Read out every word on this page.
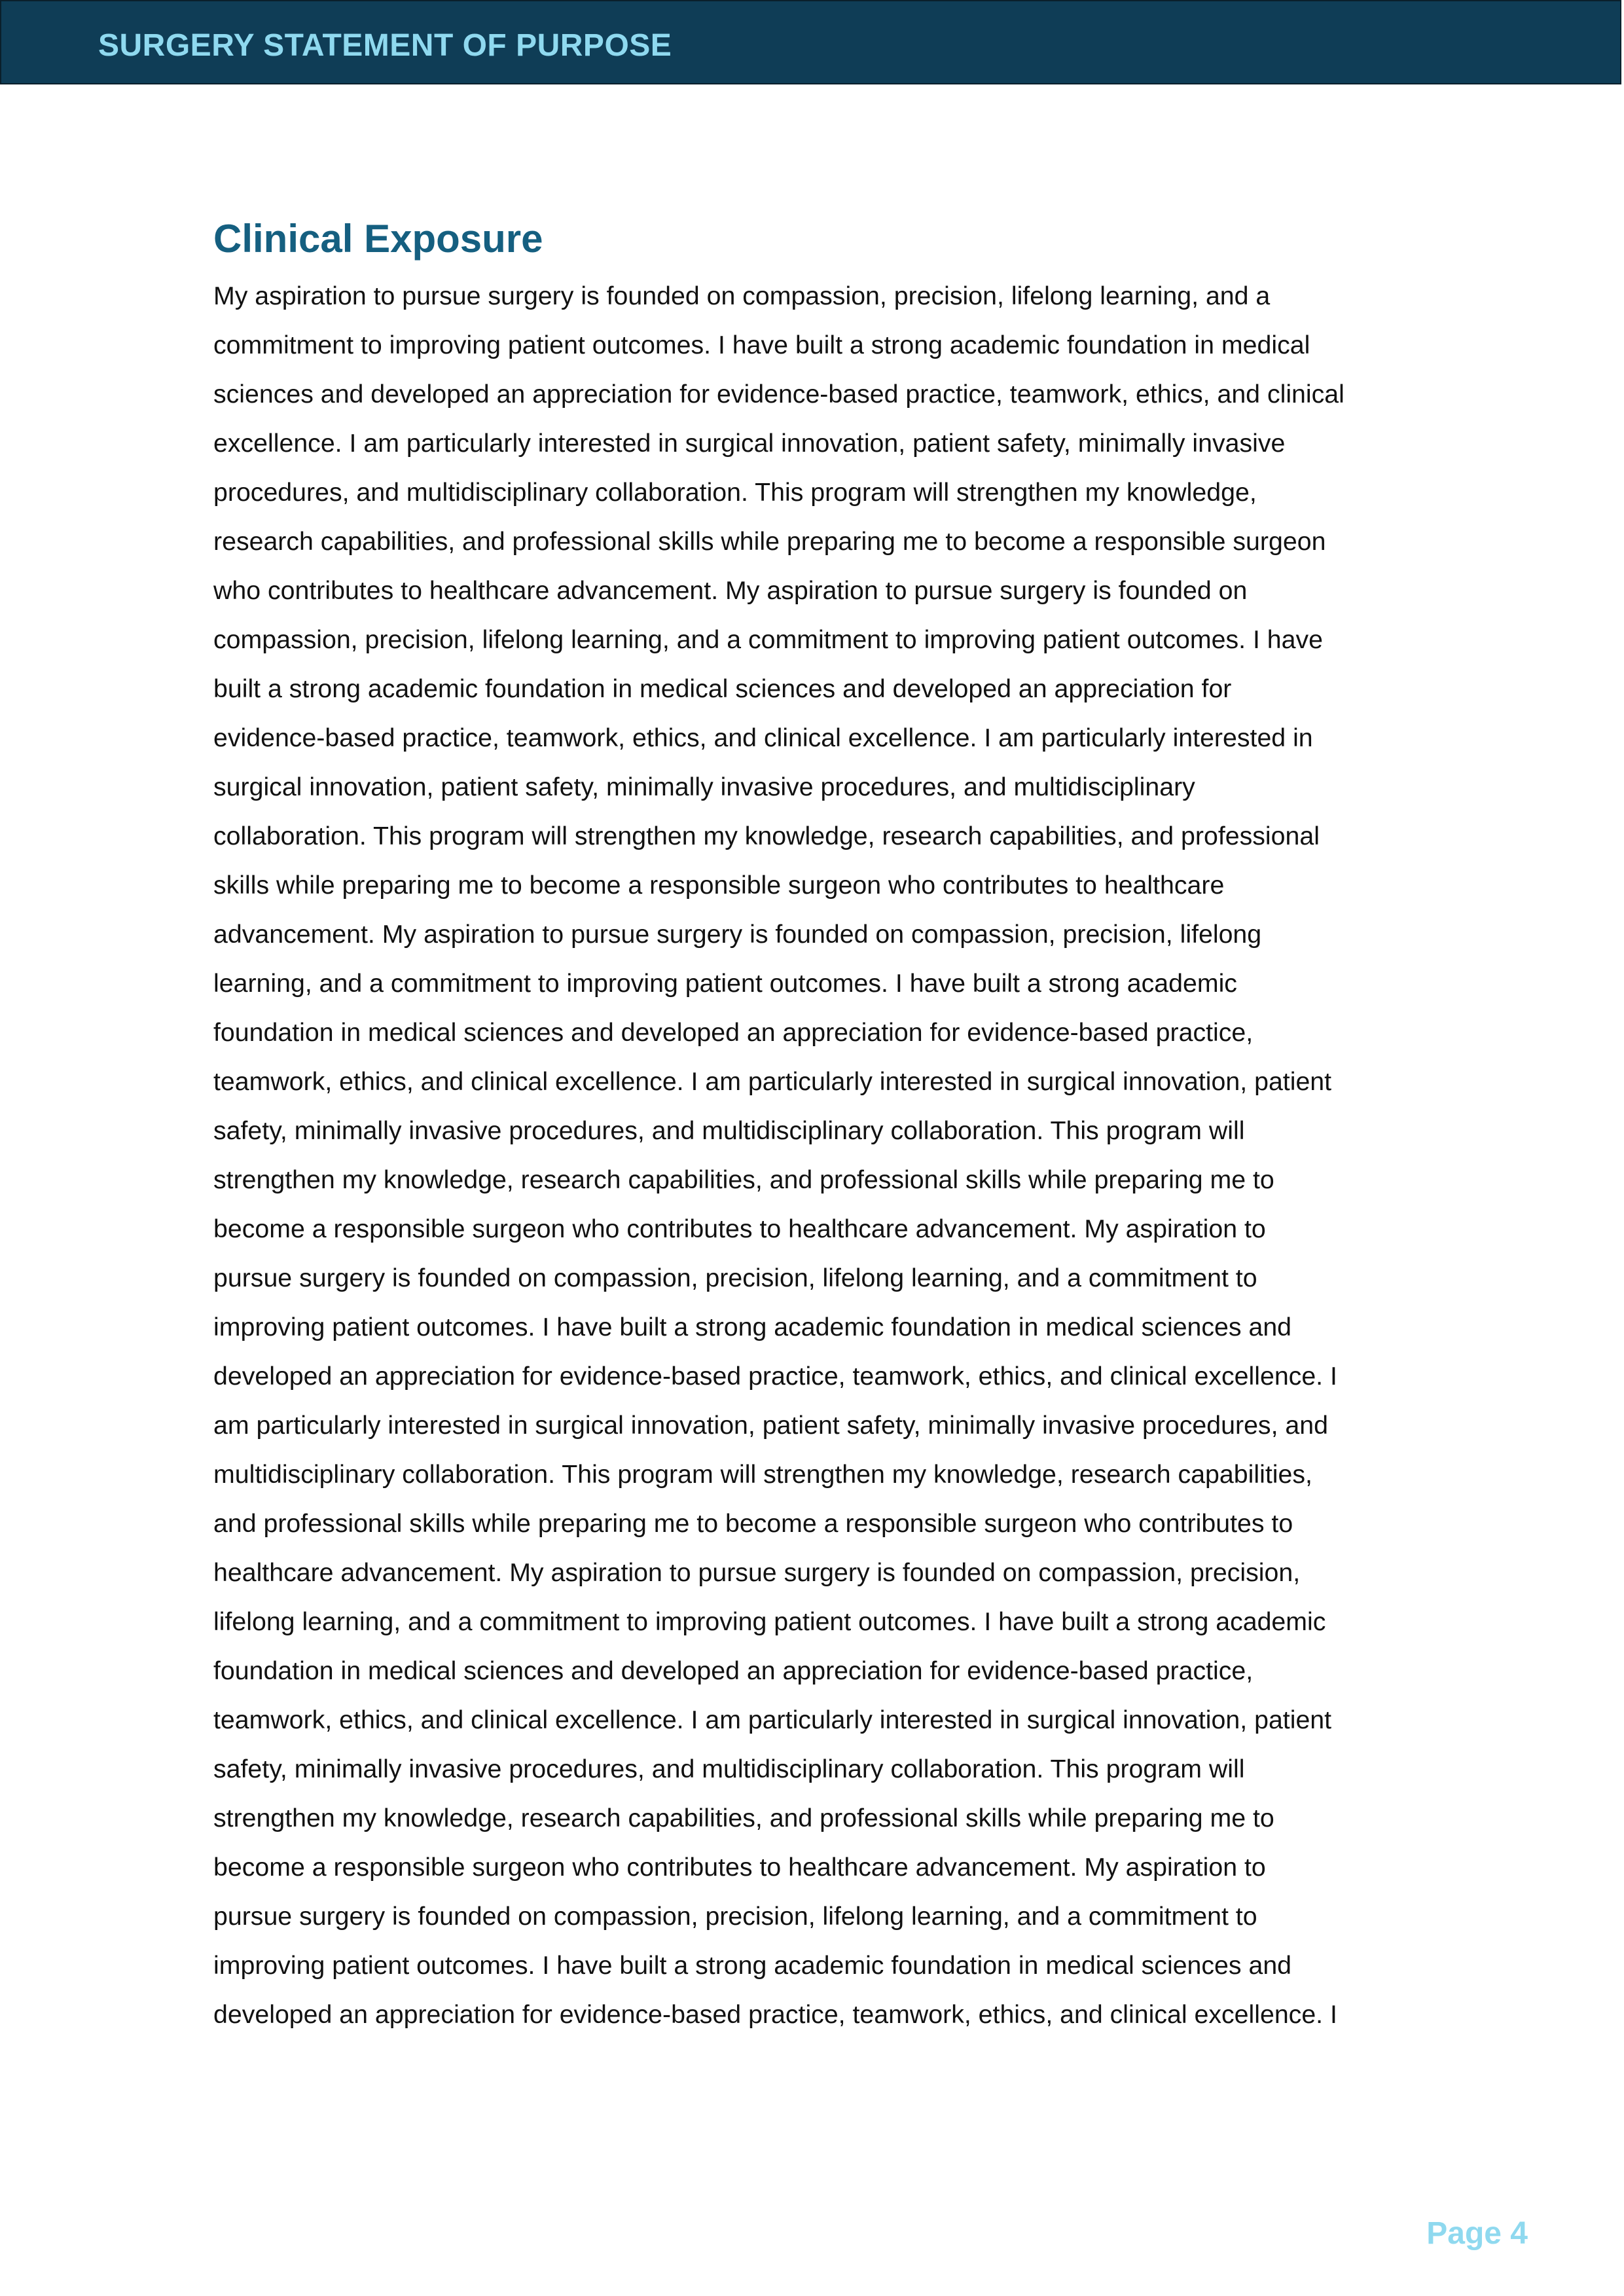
SURGERY STATEMENT OF PURPOSE
Clinical Exposure

My aspiration to pursue surgery is founded on compassion, precision, lifelong learning, and a
commitment to improving patient outcomes. I have built a strong academic foundation in medical
sciences and developed an appreciation for evidence-based practice, teamwork, ethics, and clinical
excellence. I am particularly interested in surgical innovation, patient safety, minimally invasive
procedures, and multidisciplinary collaboration. This program will strengthen my knowledge,
research capabilities, and professional skills while preparing me to become a responsible surgeon
who contributes to healthcare advancement. My aspiration to pursue surgery is founded on
compassion, precision, lifelong learning, and a commitment to improving patient outcomes. I have
built a strong academic foundation in medical sciences and developed an appreciation for
evidence-based practice, teamwork, ethics, and clinical excellence. I am particularly interested in
surgical innovation, patient safety, minimally invasive procedures, and multidisciplinary
collaboration. This program will strengthen my knowledge, research capabilities, and professional
skills while preparing me to become a responsible surgeon who contributes to healthcare
advancement. My aspiration to pursue surgery is founded on compassion, precision, lifelong
learning, and a commitment to improving patient outcomes. I have built a strong academic
foundation in medical sciences and developed an appreciation for evidence-based practice,
teamwork, ethics, and clinical excellence. I am particularly interested in surgical innovation, patient
safety, minimally invasive procedures, and multidisciplinary collaboration. This program will
strengthen my knowledge, research capabilities, and professional skills while preparing me to
become a responsible surgeon who contributes to healthcare advancement. My aspiration to
pursue surgery is founded on compassion, precision, lifelong learning, and a commitment to
improving patient outcomes. I have built a strong academic foundation in medical sciences and
developed an appreciation for evidence-based practice, teamwork, ethics, and clinical excellence. I
am particularly interested in surgical innovation, patient safety, minimally invasive procedures, and
multidisciplinary collaboration. This program will strengthen my knowledge, research capabilities,
and professional skills while preparing me to become a responsible surgeon who contributes to
healthcare advancement. My aspiration to pursue surgery is founded on compassion, precision,
lifelong learning, and a commitment to improving patient outcomes. I have built a strong academic
foundation in medical sciences and developed an appreciation for evidence-based practice,
teamwork, ethics, and clinical excellence. I am particularly interested in surgical innovation, patient
safety, minimally invasive procedures, and multidisciplinary collaboration. This program will
strengthen my knowledge, research capabilities, and professional skills while preparing me to
become a responsible surgeon who contributes to healthcare advancement. My aspiration to
pursue surgery is founded on compassion, precision, lifelong learning, and a commitment to
improving patient outcomes. I have built a strong academic foundation in medical sciences and
developed an appreciation for evidence-based practice, teamwork, ethics, and clinical excellence. I

Page 4
